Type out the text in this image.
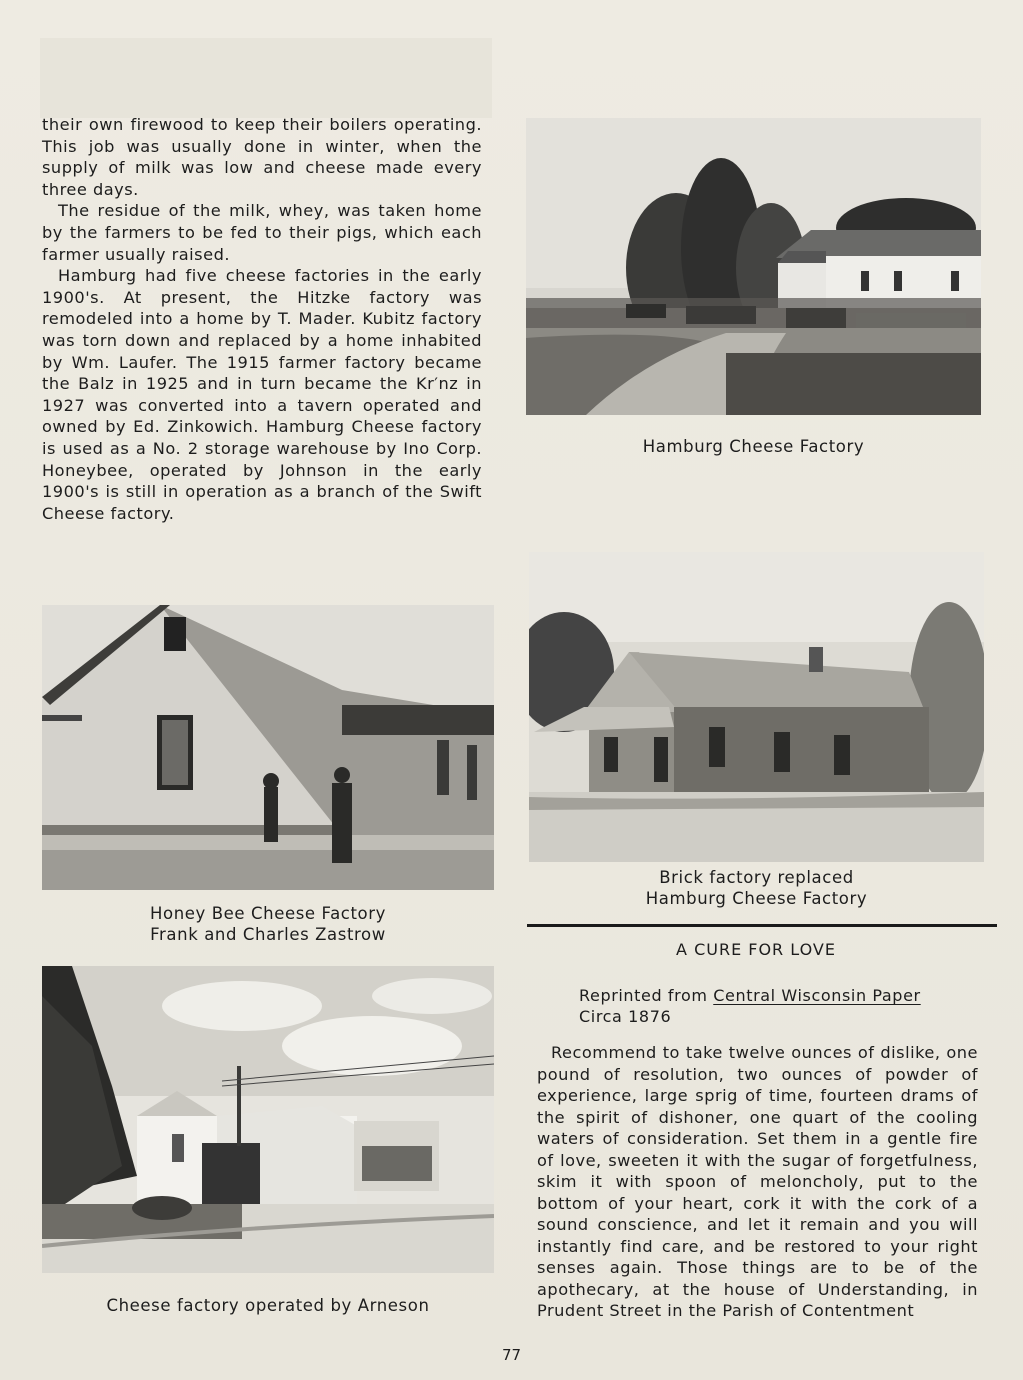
their own firewood to keep their boilers operating. This job was usually done in winter, when the supply of milk was low and cheese made every three days.

The residue of the milk, whey, was taken home by the farmers to be fed to their pigs, which each farmer usually raised.

Hamburg had five cheese factories in the early 1900's. At present, the Hitzke factory was remodeled into a home by T. Mader. Kubitz factory was torn down and replaced by a home inhabited by Wm. Laufer. The 1915 farmer factory became the Balz in 1925 and in turn became the Kr′nz in 1927 was converted into a tavern operated and owned by Ed. Zinkowich. Hamburg Cheese factory is used as a No. 2 storage warehouse by Ino Corp. Honeybee, operated by Johnson in the early 1900's is still in operation as a branch of the Swift Cheese factory.

Hamburg Cheese Factory
Honey Bee Cheese Factory
Frank and Charles Zastrow
Brick factory replaced
Hamburg Cheese Factory
Cheese factory operated by Arneson
A CURE FOR LOVE
Reprinted from Central Wisconsin Paper
Circa 1876

Recommend to take twelve ounces of dislike, one pound of resolution, two ounces of powder of experience, large sprig of time, fourteen drams of the spirit of dishoner, one quart of the cooling waters of consideration. Set them in a gentle fire of love, sweeten it with the sugar of forgetfulness, skim it with spoon of meloncholy, put to the bottom of your heart, cork it with the cork of a sound conscience, and let it remain and you will instantly find care, and be restored to your right senses again. Those things are to be of the apothecary, at the house of Understanding, in Prudent Street in the Parish of Contentment

77
